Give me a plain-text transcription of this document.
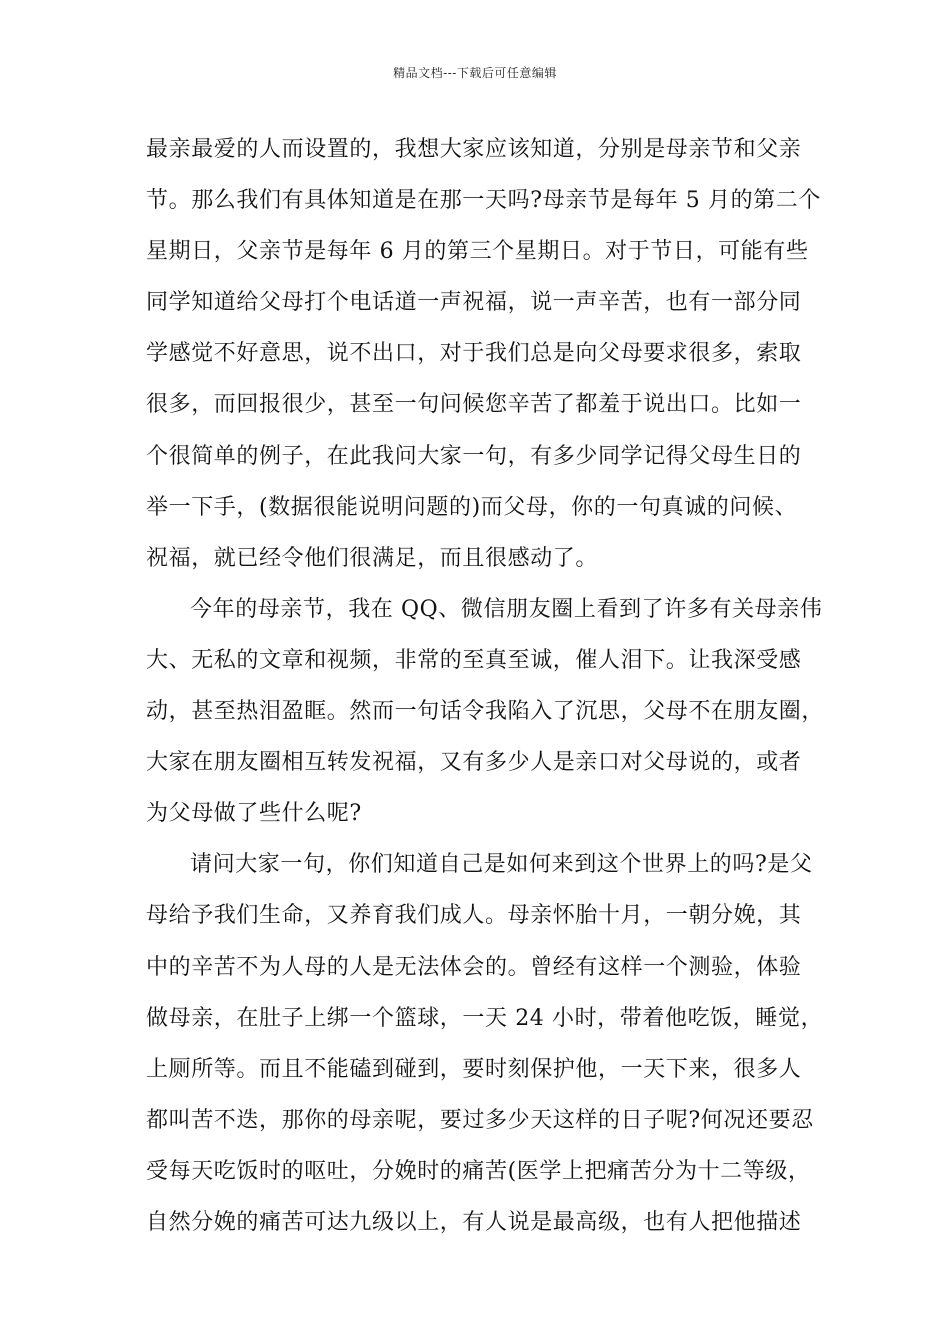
精品文档---下载后可任意编辑
最亲最爱的人而设置的，我想大家应该知道，分别是母亲节和父亲
节。那么我们有具体知道是在那一天吗?母亲节是每年 5 月的第二个
星期日，父亲节是每年 6 月的第三个星期日。对于节日，可能有些
同学知道给父母打个电话道一声祝福，说一声辛苦，也有一部分同
学感觉不好意思，说不出口，对于我们总是向父母要求很多，索取
很多，而回报很少，甚至一句问候您辛苦了都羞于说出口。比如一
个很简单的例子，在此我问大家一句，有多少同学记得父母生日的
举一下手，(数据很能说明问题的)而父母，你的一句真诚的问候、
祝福，就已经令他们很满足，而且很感动了。
今年的母亲节，我在 QQ、微信朋友圈上看到了许多有关母亲伟
大、无私的文章和视频，非常的至真至诚，催人泪下。让我深受感
动，甚至热泪盈眶。然而一句话令我陷入了沉思，父母不在朋友圈，
大家在朋友圈相互转发祝福，又有多少人是亲口对父母说的，或者
为父母做了些什么呢?
请问大家一句，你们知道自己是如何来到这个世界上的吗?是父
母给予我们生命，又养育我们成人。母亲怀胎十月，一朝分娩，其
中的辛苦不为人母的人是无法体会的。曾经有这样一个测验，体验
做母亲，在肚子上绑一个篮球，一天 24 小时，带着他吃饭，睡觉，
上厕所等。而且不能磕到碰到，要时刻保护他，一天下来，很多人
都叫苦不迭，那你的母亲呢，要过多少天这样的日子呢?何况还要忍
受每天吃饭时的呕吐，分娩时的痛苦(医学上把痛苦分为十二等级，
自然分娩的痛苦可达九级以上，有人说是最高级，也有人把他描述
